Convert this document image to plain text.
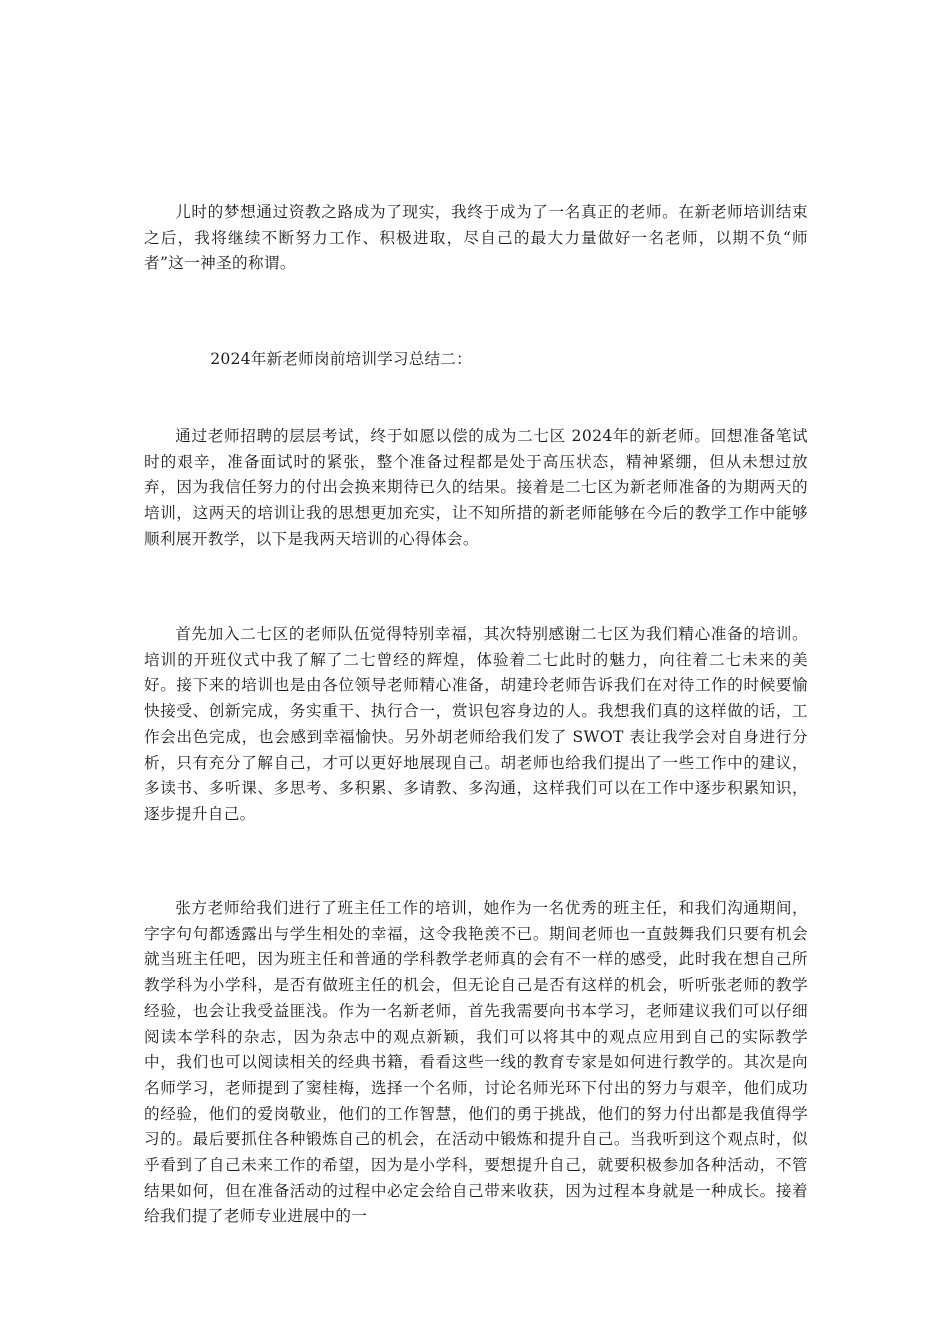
儿时的梦想通过资教之路成为了现实，我终于成为了一名真正的老师。在新老师培训结束之后，我将继续不断努力工作、积极进取，尽自己的最大力量做好一名老师，以期不负“师者”这一神圣的称谓。

2024年新老师岗前培训学习总结二：

通过老师招聘的层层考试，终于如愿以偿的成为二七区 2024年的新老师。回想准备笔试时的艰辛，准备面试时的紧张，整个准备过程都是处于高压状态，精神紧绷，但从未想过放弃，因为我信任努力的付出会换来期待已久的结果。接着是二七区为新老师准备的为期两天的培训，这两天的培训让我的思想更加充实，让不知所措的新老师能够在今后的教学工作中能够顺利展开教学，以下是我两天培训的心得体会。

首先加入二七区的老师队伍觉得特别幸福，其次特别感谢二七区为我们精心准备的培训。培训的开班仪式中我了解了二七曾经的辉煌，体验着二七此时的魅力，向往着二七未来的美好。接下来的培训也是由各位领导老师精心准备，胡建玲老师告诉我们在对待工作的时候要愉快接受、创新完成，务实重干、执行合一，赏识包容身边的人。我想我们真的这样做的话，工作会出色完成，也会感到幸福愉快。另外胡老师给我们发了 SWOT 表让我学会对自身进行分析，只有充分了解自己，才可以更好地展现自己。胡老师也给我们提出了一些工作中的建议，多读书、多听课、多思考、多积累、多请教、多沟通，这样我们可以在工作中逐步积累知识，逐步提升自己。

张方老师给我们进行了班主任工作的培训，她作为一名优秀的班主任，和我们沟通期间，字字句句都透露出与学生相处的幸福，这令我艳羡不已。期间老师也一直鼓舞我们只要有机会就当班主任吧，因为班主任和普通的学科教学老师真的会有不一样的感受，此时我在想自己所教学科为小学科，是否有做班主任的机会，但无论自己是否有这样的机会，听听张老师的教学经验，也会让我受益匪浅。作为一名新老师，首先我需要向书本学习，老师建议我们可以仔细阅读本学科的杂志，因为杂志中的观点新颖，我们可以将其中的观点应用到自己的实际教学中，我们也可以阅读相关的经典书籍，看看这些一线的教育专家是如何进行教学的。其次是向名师学习，老师提到了窦桂梅，选择一个名师，讨论名师光环下付出的努力与艰辛，他们成功的经验，他们的爱岗敬业，他们的工作智慧，他们的勇于挑战，他们的努力付出都是我值得学习的。最后要抓住各种锻炼自己的机会，在活动中锻炼和提升自己。当我听到这个观点时，似乎看到了自己未来工作的希望，因为是小学科，要想提升自己，就要积极参加各种活动，不管结果如何，但在准备活动的过程中必定会给自己带来收获，因为过程本身就是一种成长。接着给我们提了老师专业进展中的一
